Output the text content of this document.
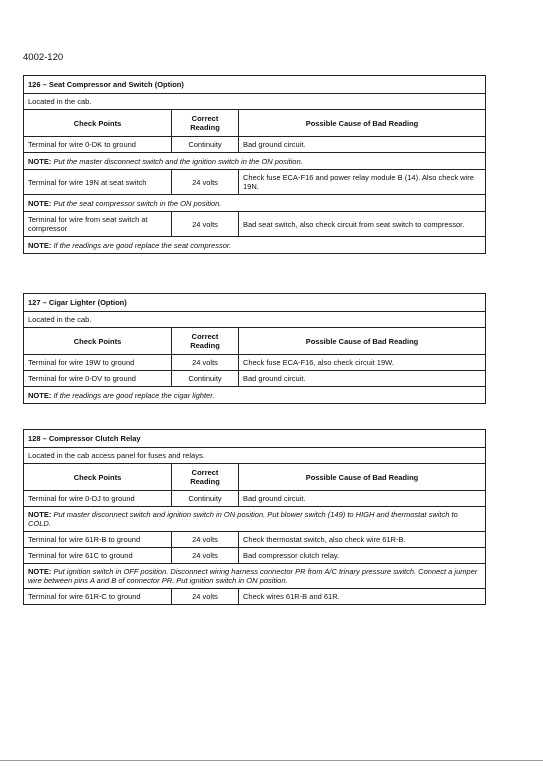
4002-120
126 – Seat Compressor and Switch (Option)		
Located in the cab.		
Check Points	Correct Reading	Possible Cause of Bad Reading
Terminal for wire 0-DK to ground	Continuity	Bad ground circuit.
NOTE: Put the master disconnect switch and the ignition switch in the ON position.		
Terminal for wire 19N at seat switch	24 volts	Check fuse ECA-F16 and power relay module B (14). Also check wire 19N.
NOTE: Put the seat compressor switch in the ON position.		
Terminal for wire from seat switch at compressor	24 volts	Bad seat switch, also check circuit from seat switch to compressor.
NOTE: If the readings are good replace the seat compressor.		
127 – Cigar Lighter (Option)		
Located in the cab.		
Check Points	Correct Reading	Possible Cause of Bad Reading
Terminal for wire 19W to ground	24 volts	Check fuse ECA-F16, also check circuit 19W.
Terminal for wire 0-DV to ground	Continuity	Bad ground circuit.
NOTE: If the readings are good replace the cigar lighter.		
128 – Compressor Clutch Relay		
Located in the cab access panel for fuses and relays.		
Check Points	Correct Reading	Possible Cause of Bad Reading
Terminal for wire 0-DJ to ground	Continuity	Bad ground circuit.
NOTE: Put master disconnect switch and ignition switch in ON position. Put blower switch (149) to HIGH and thermostat switch to COLD.		
Terminal for wire 61R-B to ground	24 volts	Check thermostat switch, also check wire 61R-B.
Terminal for wire 61C to ground	24 volts	Bad compressor clutch relay.
NOTE: Put ignition switch in OFF position. Disconnect wiring harness connector PR from A/C trinary pressure switch. Connect a jumper wire between pins A and B of connector PR. Put ignition switch in ON position.		
Terminal for wire 61R-C to ground	24 volts	Check wires 61R-B and 61R.
